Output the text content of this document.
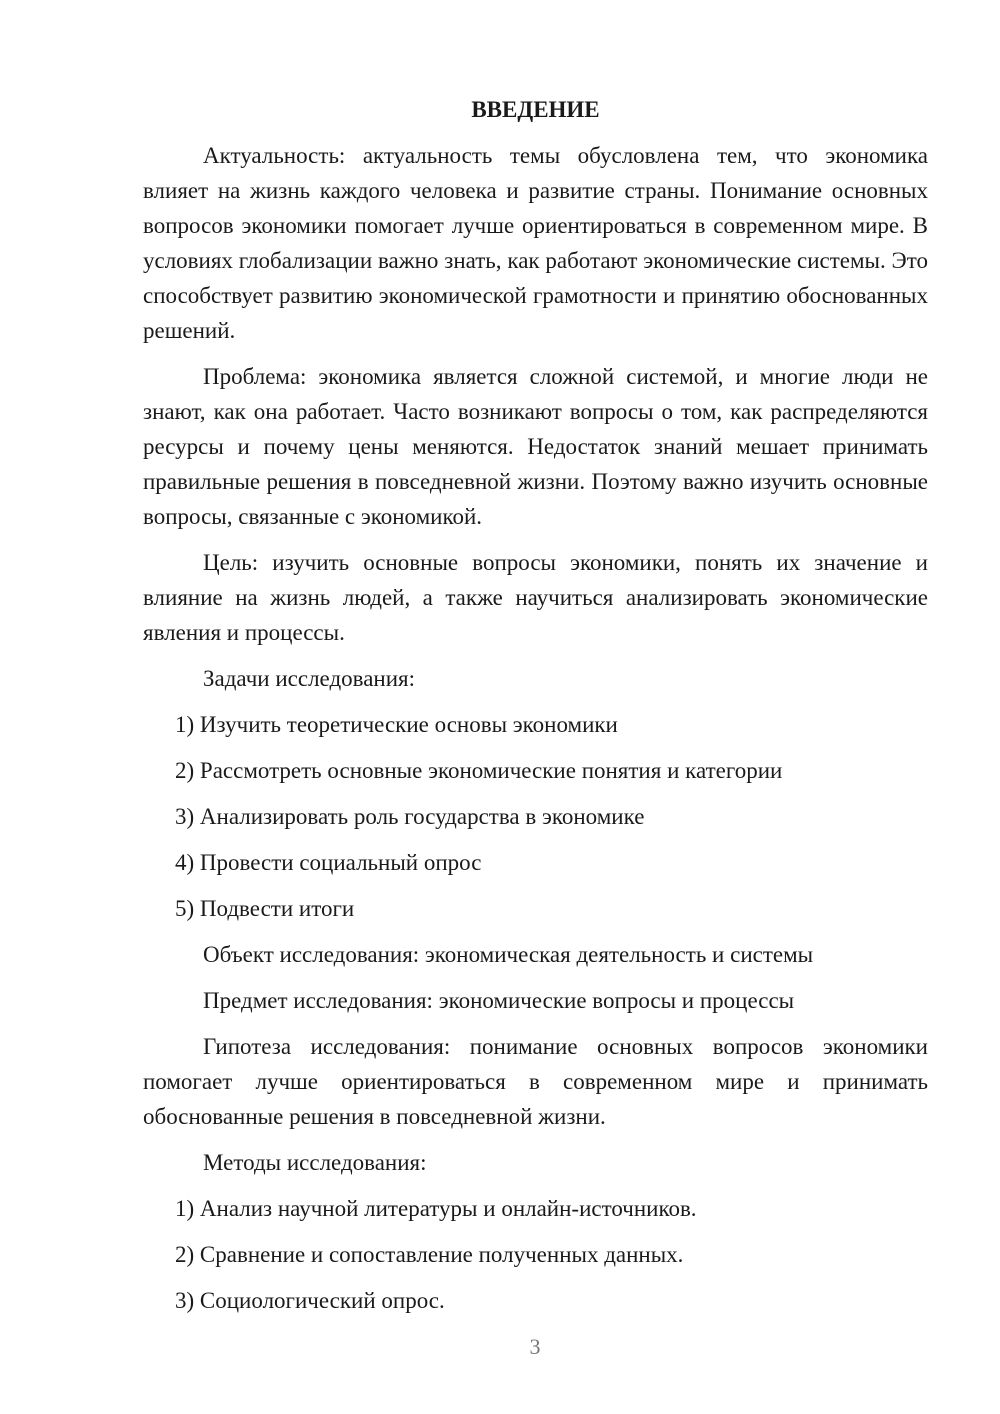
ВВЕДЕНИЕ

Актуальность: актуальность темы обусловлена тем, что экономика влияет на жизнь каждого человека и развитие страны. Понимание основных вопросов экономики помогает лучше ориентироваться в современном мире. В условиях глобализации важно знать, как работают экономические системы. Это способствует развитию экономической грамотности и принятию обоснованных решений.

Проблема: экономика является сложной системой, и многие люди не знают, как она работает. Часто возникают вопросы о том, как распределяются ресурсы и почему цены меняются. Недостаток знаний мешает принимать правильные решения в повседневной жизни. Поэтому важно изучить основные вопросы, связанные с экономикой.

Цель: изучить основные вопросы экономики, понять их значение и влияние на жизнь людей, а также научиться анализировать экономические явления и процессы.

Задачи исследования:
1) Изучить теоретические основы экономики
2) Рассмотреть основные экономические понятия и категории
3) Анализировать роль государства в экономике
4) Провести социальный опрос
5) Подвести итоги
Объект исследования: экономическая деятельность и системы
Предмет исследования: экономические вопросы и процессы

Гипотеза исследования: понимание основных вопросов экономики помогает лучше ориентироваться в современном мире и принимать обоснованные решения в повседневной жизни.

Методы исследования:
1) Анализ научной литературы и онлайн-источников.
2) Сравнение и сопоставление полученных данных.
3) Социологический опрос.
3
